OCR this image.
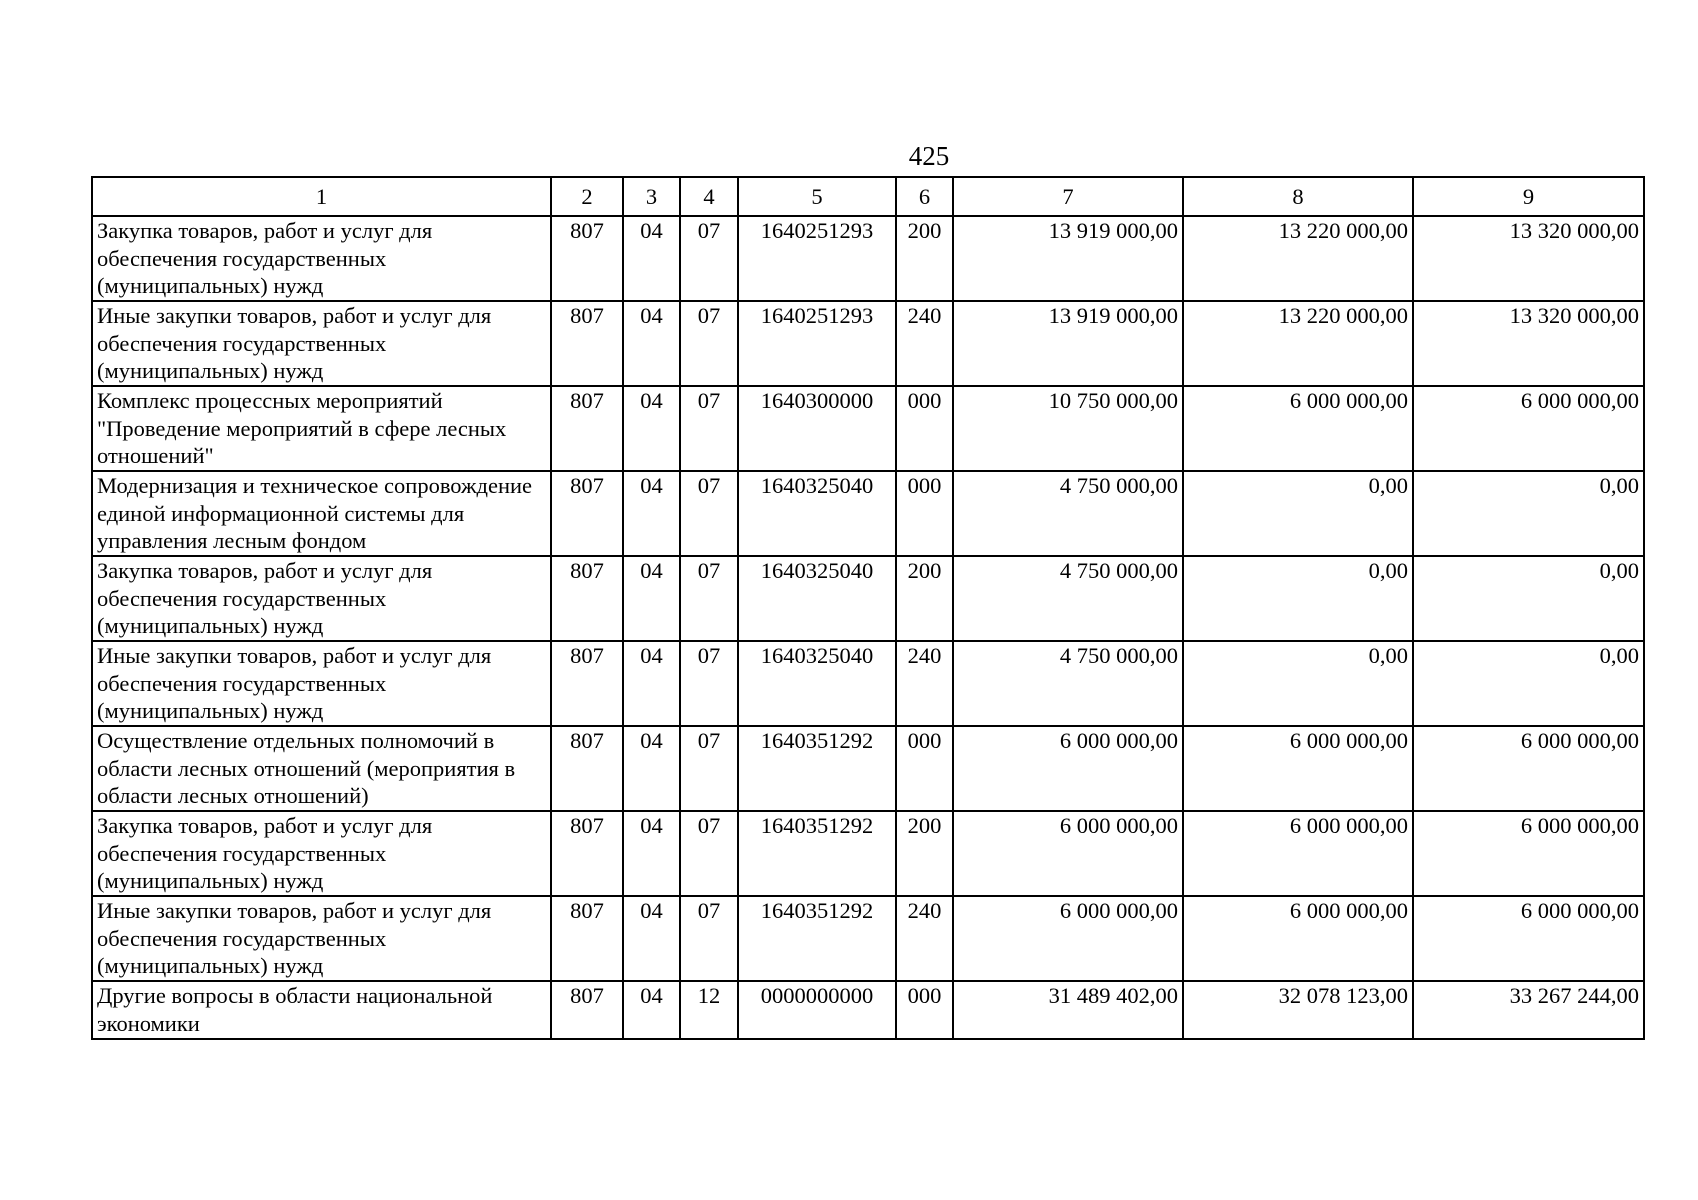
425
1	2	3	4	5	6	7	8	9
Закупка товаров, работ и услуг для обеспечения государственных (муниципальных) нужд	807	04	07	1640251293	200	13 919 000,00	13 220 000,00	13 320 000,00
Иные закупки товаров, работ и услуг для обеспечения государственных (муниципальных) нужд	807	04	07	1640251293	240	13 919 000,00	13 220 000,00	13 320 000,00
Комплекс процессных мероприятий "Проведение мероприятий в сфере лесных отношений"	807	04	07	1640300000	000	10 750 000,00	6 000 000,00	6 000 000,00
Модернизация и техническое сопровождение единой информационной системы для управления лесным фондом	807	04	07	1640325040	000	4 750 000,00	0,00	0,00
Закупка товаров, работ и услуг для обеспечения государственных (муниципальных) нужд	807	04	07	1640325040	200	4 750 000,00	0,00	0,00
Иные закупки товаров, работ и услуг для обеспечения государственных (муниципальных) нужд	807	04	07	1640325040	240	4 750 000,00	0,00	0,00
Осуществление отдельных полномочий в области лесных отношений (мероприятия в области лесных отношений)	807	04	07	1640351292	000	6 000 000,00	6 000 000,00	6 000 000,00
Закупка товаров, работ и услуг для обеспечения государственных (муниципальных) нужд	807	04	07	1640351292	200	6 000 000,00	6 000 000,00	6 000 000,00
Иные закупки товаров, работ и услуг для обеспечения государственных (муниципальных) нужд	807	04	07	1640351292	240	6 000 000,00	6 000 000,00	6 000 000,00
Другие вопросы в области национальной экономики	807	04	12	0000000000	000	31 489 402,00	32 078 123,00	33 267 244,00
